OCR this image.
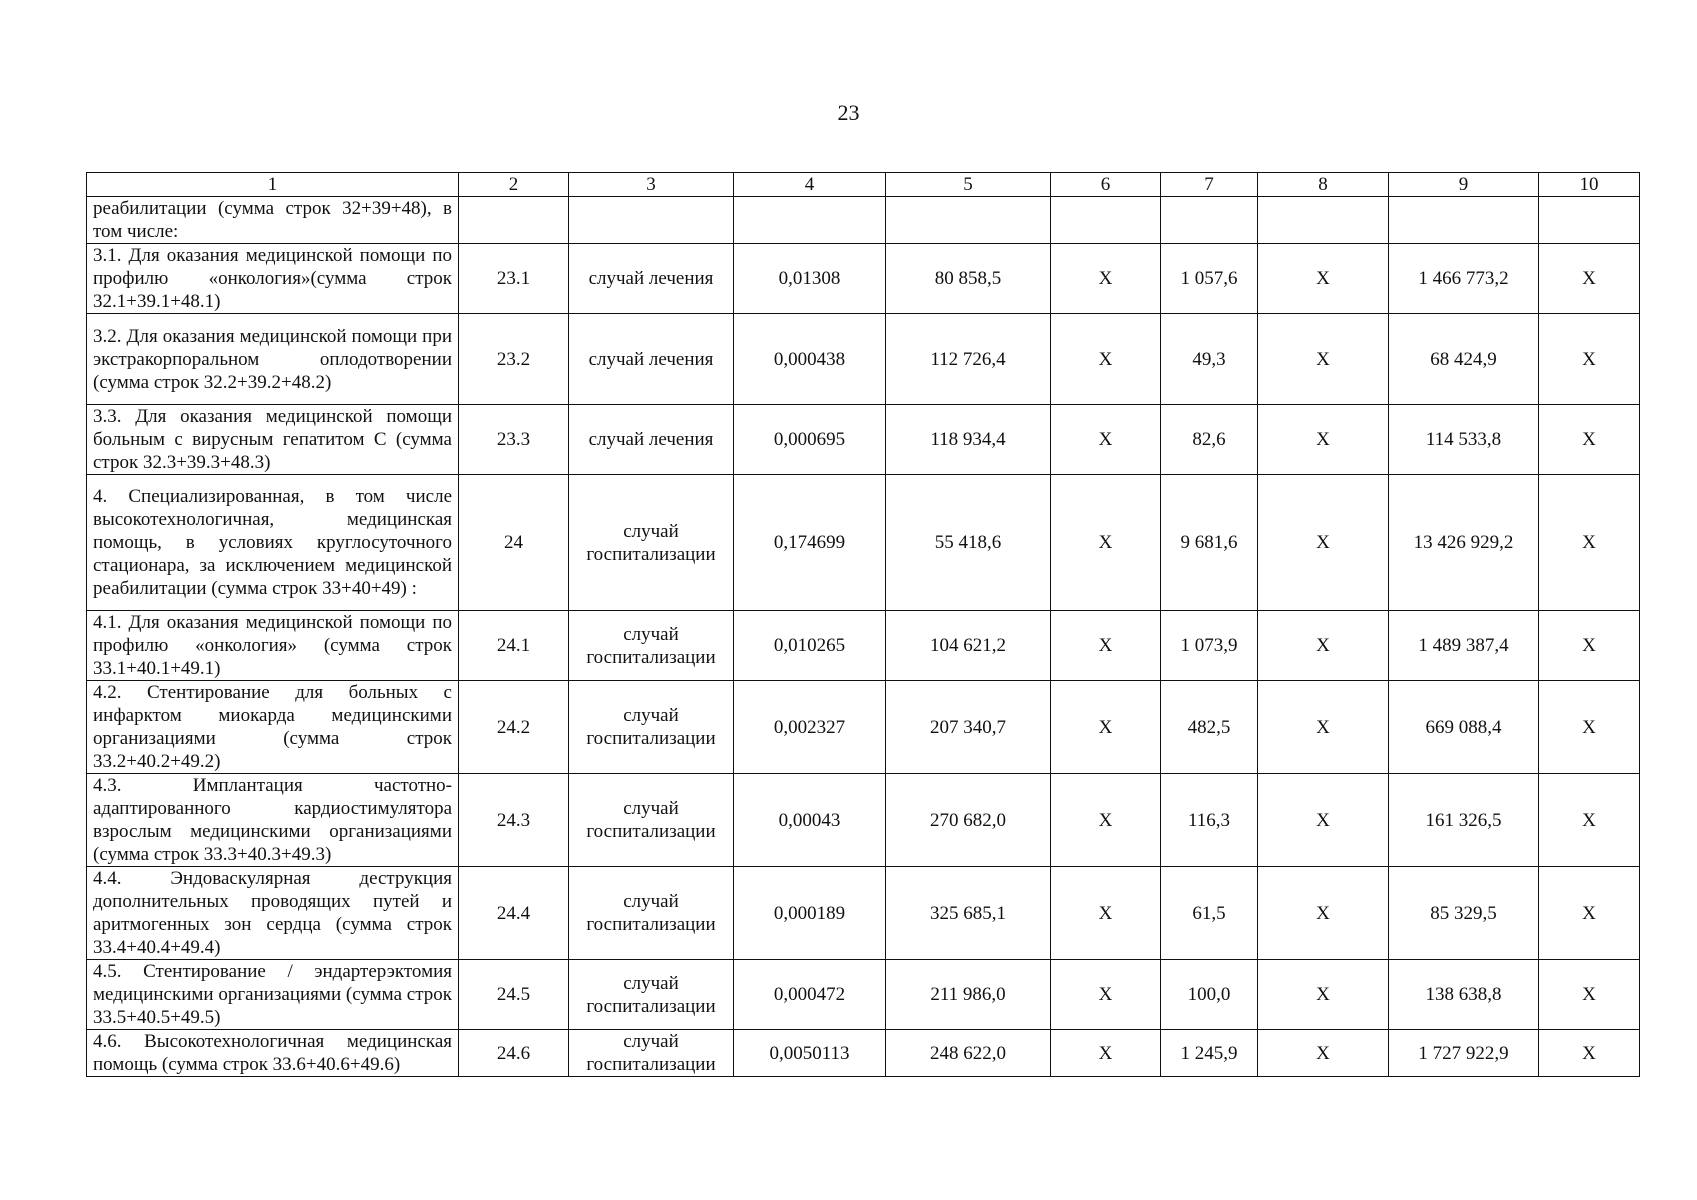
23
1	2	3	4	5	6	7	8	9	10
реабилитации (сумма строк 32+39+48), в том числе:									
3.1. Для оказания медицинской помощи по профилю «онкология»(сумма строк 32.1+39.1+48.1)	23.1	случай лечения	0,01308	80 858,5	X	1 057,6	X	1 466 773,2	X
3.2. Для оказания медицинской помощи при экстракорпоральном оплодотворении (сумма строк 32.2+39.2+48.2)	23.2	случай лечения	0,000438	112 726,4	X	49,3	X	68 424,9	X
3.3. Для оказания медицинской помощи больным с вирусным гепатитом С (сумма строк 32.3+39.3+48.3)	23.3	случай лечения	0,000695	118 934,4	X	82,6	X	114 533,8	X
4. Специализированная, в том числе высокотехнологичная, медицинская помощь, в условиях круглосуточного стационара, за исключением медицинской реабилитации (сумма строк 33+40+49) :	24	случай госпитализации	0,174699	55 418,6	X	9 681,6	X	13 426 929,2	X
4.1. Для оказания медицинской помощи по профилю «онкология» (сумма строк 33.1+40.1+49.1)	24.1	случай госпитализации	0,010265	104 621,2	X	1 073,9	X	1 489 387,4	X
4.2. Стентирование для больных с инфарктом миокарда медицинскими организациями (сумма строк 33.2+40.2+49.2)	24.2	случай госпитализации	0,002327	207 340,7	X	482,5	X	669 088,4	X
4.3. Имплантация частотно-адаптированного кардиостимулятора взрослым медицинскими организациями (сумма строк 33.3+40.3+49.3)	24.3	случай госпитализации	0,00043	270 682,0	X	116,3	X	161 326,5	X
4.4. Эндоваскулярная деструкция дополнительных проводящих путей и аритмогенных зон сердца (сумма строк 33.4+40.4+49.4)	24.4	случай госпитализации	0,000189	325 685,1	X	61,5	X	85 329,5	X
4.5. Стентирование / эндартерэктомия медицинскими организациями (сумма строк 33.5+40.5+49.5)	24.5	случай госпитализации	0,000472	211 986,0	X	100,0	X	138 638,8	X
4.6. Высокотехнологичная медицинская помощь (сумма строк 33.6+40.6+49.6)	24.6	случай госпитализации	0,0050113	248 622,0	X	1 245,9	X	1 727 922,9	X
